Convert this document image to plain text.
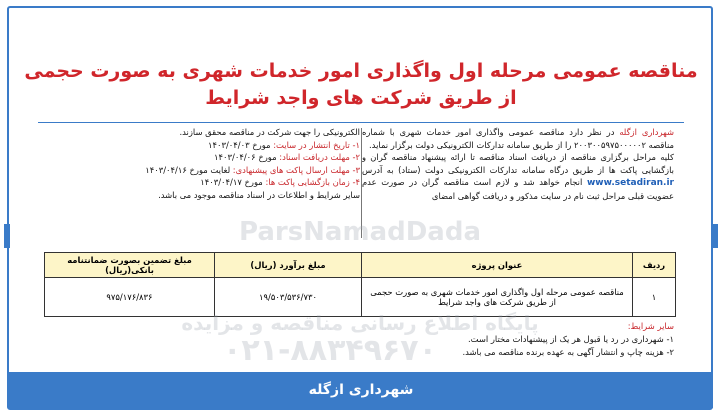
مناقصه عمومی مرحله اول واگذاری امور خدمات شهری به صورت حجمی
از طریق شرکت های واجد شرایط

شهرداری ازگله در نظر دارد مناقصه عمومی واگذاری امور خدمات شهری با شماره مناقصه ۲۰۰۳۰۰۵۹۷۵۰۰۰۰۰۲ را از طریق سامانه تدارکات الکترونیکی دولت برگزار نماید.

کلیه مراحل برگزاری مناقصه از دریافت اسناد مناقصه تا ارائه پیشنهاد مناقصه گران و بازگشایی پاکت ها از طریق درگاه سامانه تدارکات الکترونیکی دولت (ستاد) به آدرس www.setadiran.ir انجام خواهد شد و لازم است مناقصه گران در صورت عدم عضویت قبلی مراحل ثبت نام در سایت مذکور و دریافت گواهی امضای

الکترونیکی را جهت شرکت در مناقصه محقق سازند.

۱- تاریخ انتشار در سایت: مورخ ۱۴۰۳/۰۴/۰۳

۲- مهلت دریافت اسناد: مورخ ۱۴۰۳/۰۴/۰۶

۳- مهلت ارسال پاکت های پیشنهادی: لغایت مورخ ۱۴۰۳/۰۴/۱۶

۴- زمان بازگشایی پاکت ها: مورخ ۱۴۰۳/۰۴/۱۷

سایر شرایط و اطلاعات در اسناد مناقصه موجود می باشد.

ردیف	عنوان پروژه	مبلغ برآورد (ریال)	مبلغ تضمین بصورت ضمانتنامه بانکی(ریال)
۱	مناقصه عمومی مرحله اول واگذاری امور خدمات شهری به صورت حجمی از طریق شرکت های واجد شرایط	۱۹/۵۰۳/۵۳۶/۷۳۰	۹۷۵/۱۷۶/۸۳۶

سایر شرایط:

۱- شهرداری در رد یا قبول هر یک از پیشنهادات مختار است.

۲- هزینه چاپ و انتشار آگهی به عهده برنده مناقصه می باشد.

شهرداری ازگله
ParsNamadDada
۰۲۱-۸۸۳۴۹۶۷۰
پایگاه اطلاع رسانی مناقصه و مزایده
